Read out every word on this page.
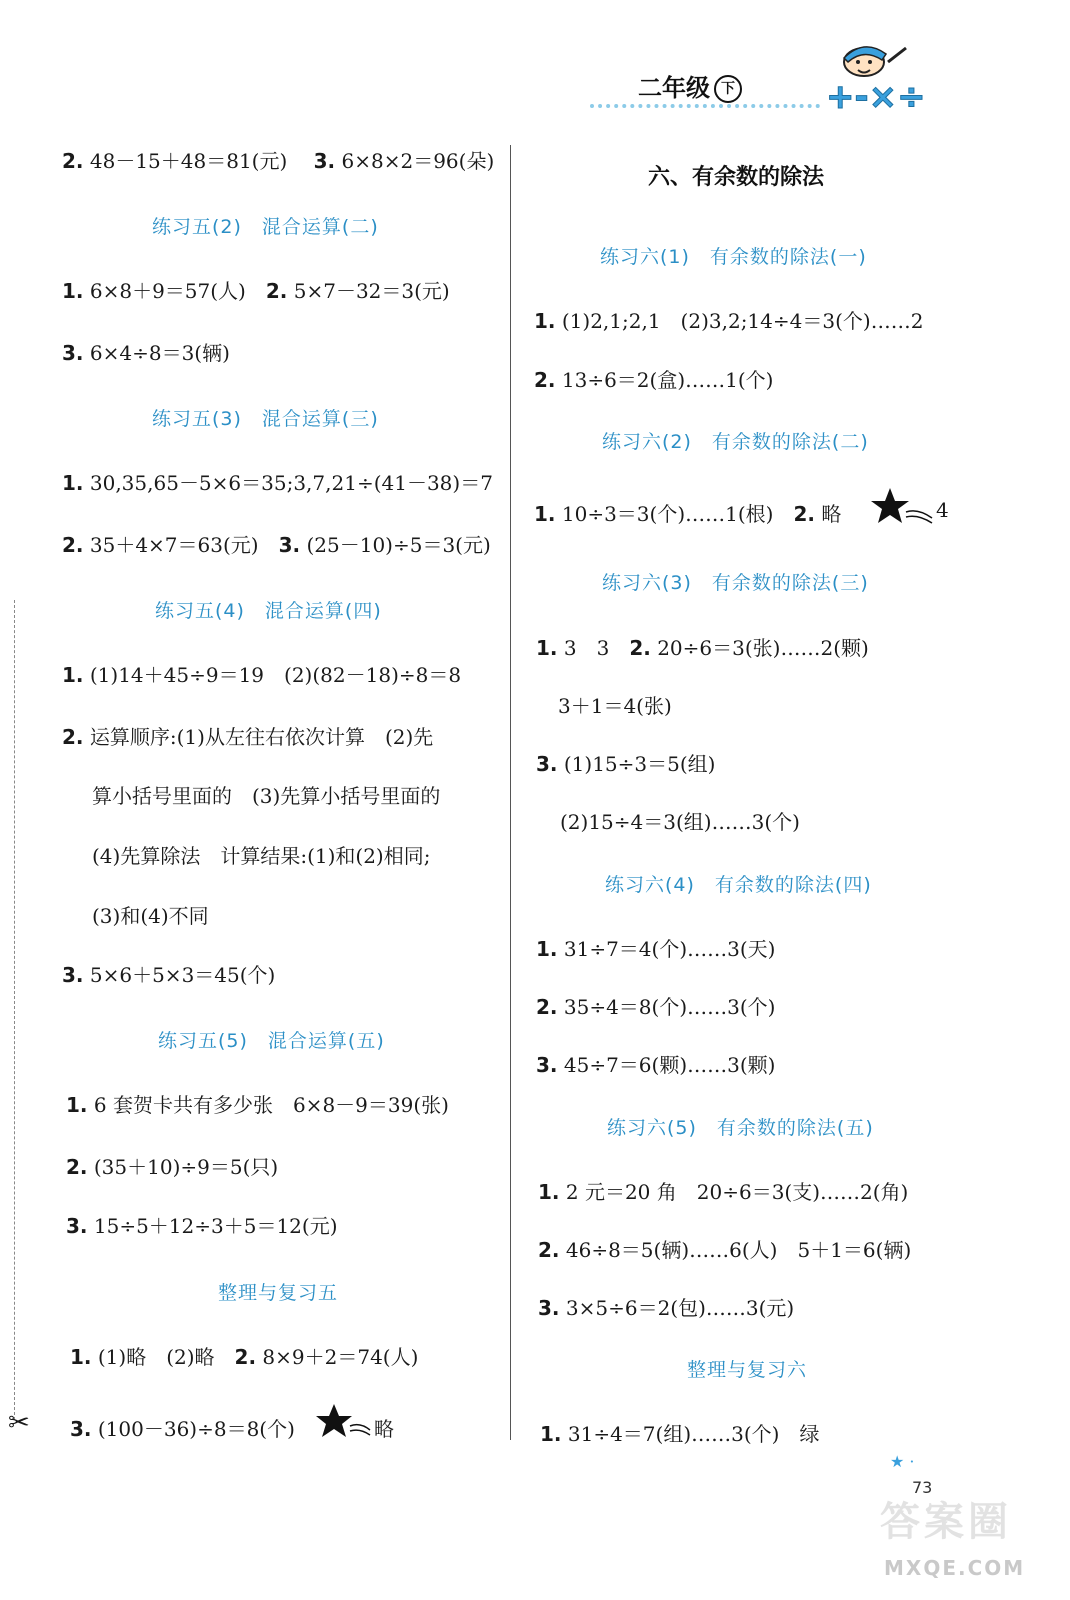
二年级 下	+-×÷
✂
2. 48－15＋48＝81(元)　 3. 6×8×2＝96(朵)
练习五(2)　混合运算(二)
1. 6×8＋9＝57(人)　 2. 5×7－32＝3(元)
3. 6×4÷8＝3(辆)
练习五(3)　混合运算(三)
1. 30,35,65－5×6＝35;3,7,21÷(41－38)＝7
2. 35＋4×7＝63(元)　 3. (25－10)÷5＝3(元)
练习五(4)　混合运算(四)
1. (1)14＋45÷9＝19　(2)(82－18)÷8＝8
2. 运算顺序:(1)从左往右依次计算　(2)先
算小括号里面的　(3)先算小括号里面的
(4)先算除法　计算结果:(1)和(2)相同;
(3)和(4)不同
3. 5×6＋5×3＝45(个)
练习五(5)　混合运算(五)
1. 6 套贺卡共有多少张　6×8－9＝39(张)
2. (35＋10)÷9＝5(只)
3. 15÷5＋12÷3＋5＝12(元)
整理与复习五
1. (1)略　(2)略　 2. 8×9＋2＝74(人)
3. (100－36)÷8＝8(个)	略
六、有余数的除法
练习六(1)　有余数的除法(一)
1. (1)2,1;2,1　(2)3,2;14÷4＝3(个)……2
2. 13÷6＝2(盒)……1(个)
练习六(2)　有余数的除法(二)
1. 10÷3＝3(个)……1(根)　 2. 略	4
练习六(3)　有余数的除法(三)
1. 3　3　 2. 20÷6＝3(张)……2(颗)
3＋1＝4(张)
3. (1)15÷3＝5(组)
(2)15÷4＝3(组)……3(个)
练习六(4)　有余数的除法(四)
1. 31÷7＝4(个)……3(天)
2. 35÷4＝8(个)……3(个)
3. 45÷7＝6(颗)……3(颗)
练习六(5)　有余数的除法(五)
1. 2 元＝20 角　20÷6＝3(支)……2(角)
2. 46÷8＝5(辆)……6(人)　5＋1＝6(辆)
3. 3×5÷6＝2(包)……3(元)
整理与复习六
1. 31÷4＝7(组)……3(个)　绿
★ ·
73
答案圈
MXQE.COM
